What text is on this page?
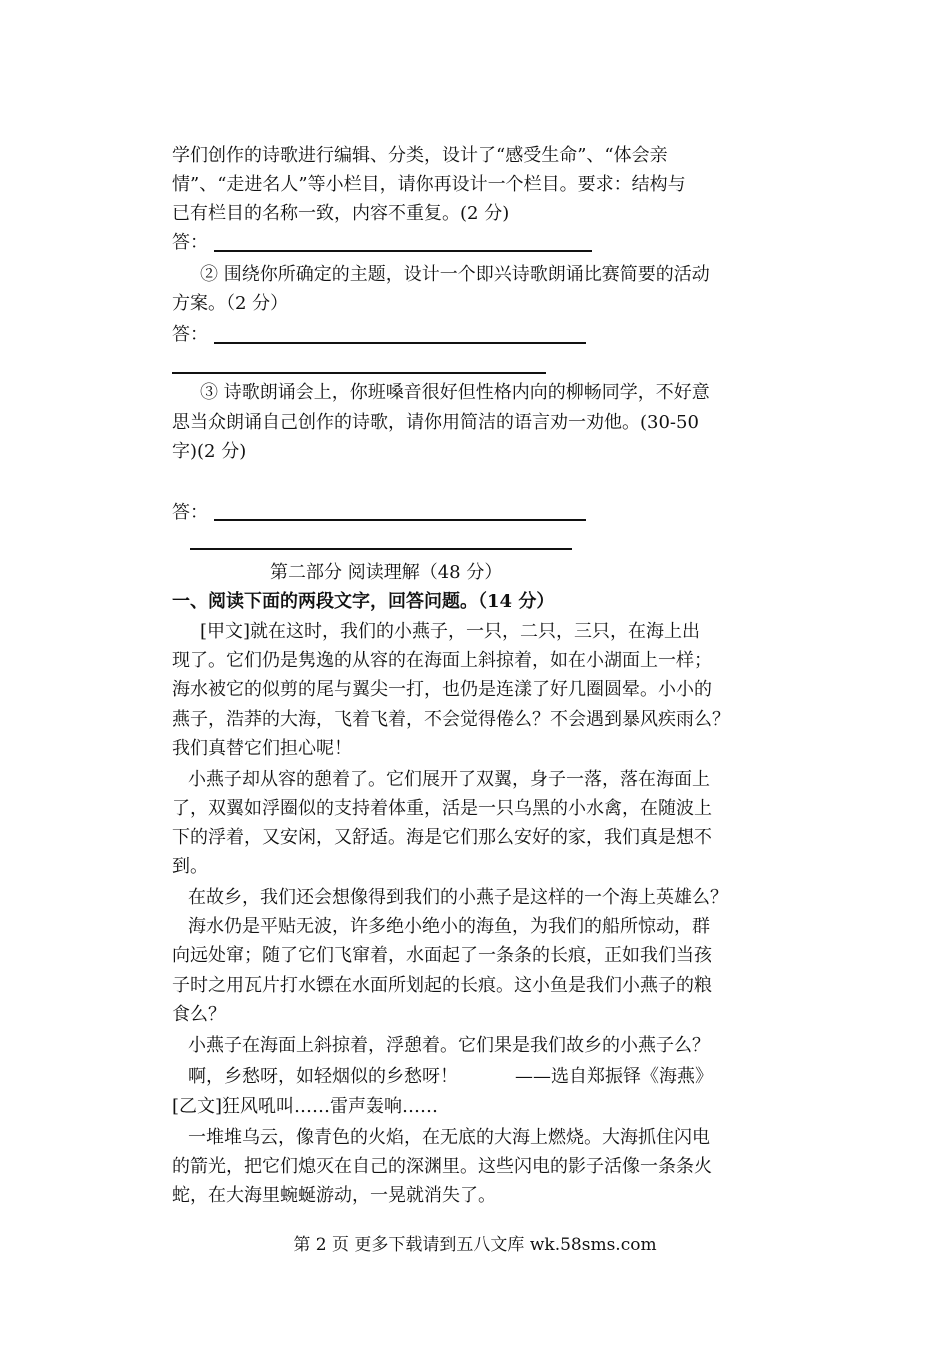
学们创作的诗歌进行编辑、分类，设计了“感受生命”、“体会亲
情”、“走进名人”等小栏目，请你再设计一个栏目。要求：结构与
已有栏目的名称一致，内容不重复。(2 分)
答：
② 围绕你所确定的主题，设计一个即兴诗歌朗诵比赛简要的活动
方案。（2 分）
答：
③ 诗歌朗诵会上，你班嗓音很好但性格内向的柳畅同学，不好意
思当众朗诵自己创作的诗歌，请你用简洁的语言劝一劝他。(30-50
字)(2 分)
答：
第二部分 阅读理解（48 分）
一、阅读下面的两段文字，回答问题。（14 分）
[甲文]就在这时，我们的小燕子，一只，二只，三只，在海上出
现了。它们仍是隽逸的从容的在海面上斜掠着，如在小湖面上一样；
海水被它的似剪的尾与翼尖一打，也仍是连漾了好几圈圆晕。小小的
燕子，浩莽的大海，飞着飞着，不会觉得倦么？不会遇到暴风疾雨么？
我们真替它们担心呢！
小燕子却从容的憩着了。它们展开了双翼，身子一落，落在海面上
了，双翼如浮圈似的支持着体重，活是一只乌黑的小水禽，在随波上
下的浮着，又安闲，又舒适。海是它们那么安好的家，我们真是想不
到。
在故乡，我们还会想像得到我们的小燕子是这样的一个海上英雄么？
海水仍是平贴无波，许多绝小绝小的海鱼，为我们的船所惊动，群
向远处窜；随了它们飞窜着，水面起了一条条的长痕，正如我们当孩
子时之用瓦片打水镖在水面所划起的长痕。这小鱼是我们小燕子的粮
食么？
小燕子在海面上斜掠着，浮憩着。它们果是我们故乡的小燕子么？
啊，乡愁呀，如轻烟似的乡愁呀！	——选自郑振铎《海燕》
[乙文]狂风吼叫……雷声轰响……
一堆堆乌云，像青色的火焰，在无底的大海上燃烧。大海抓住闪电
的箭光，把它们熄灭在自己的深渊里。这些闪电的影子活像一条条火
蛇，在大海里蜿蜒游动，一晃就消失了。
第 2 页 更多下载请到五八文库 wk.58sms.com
